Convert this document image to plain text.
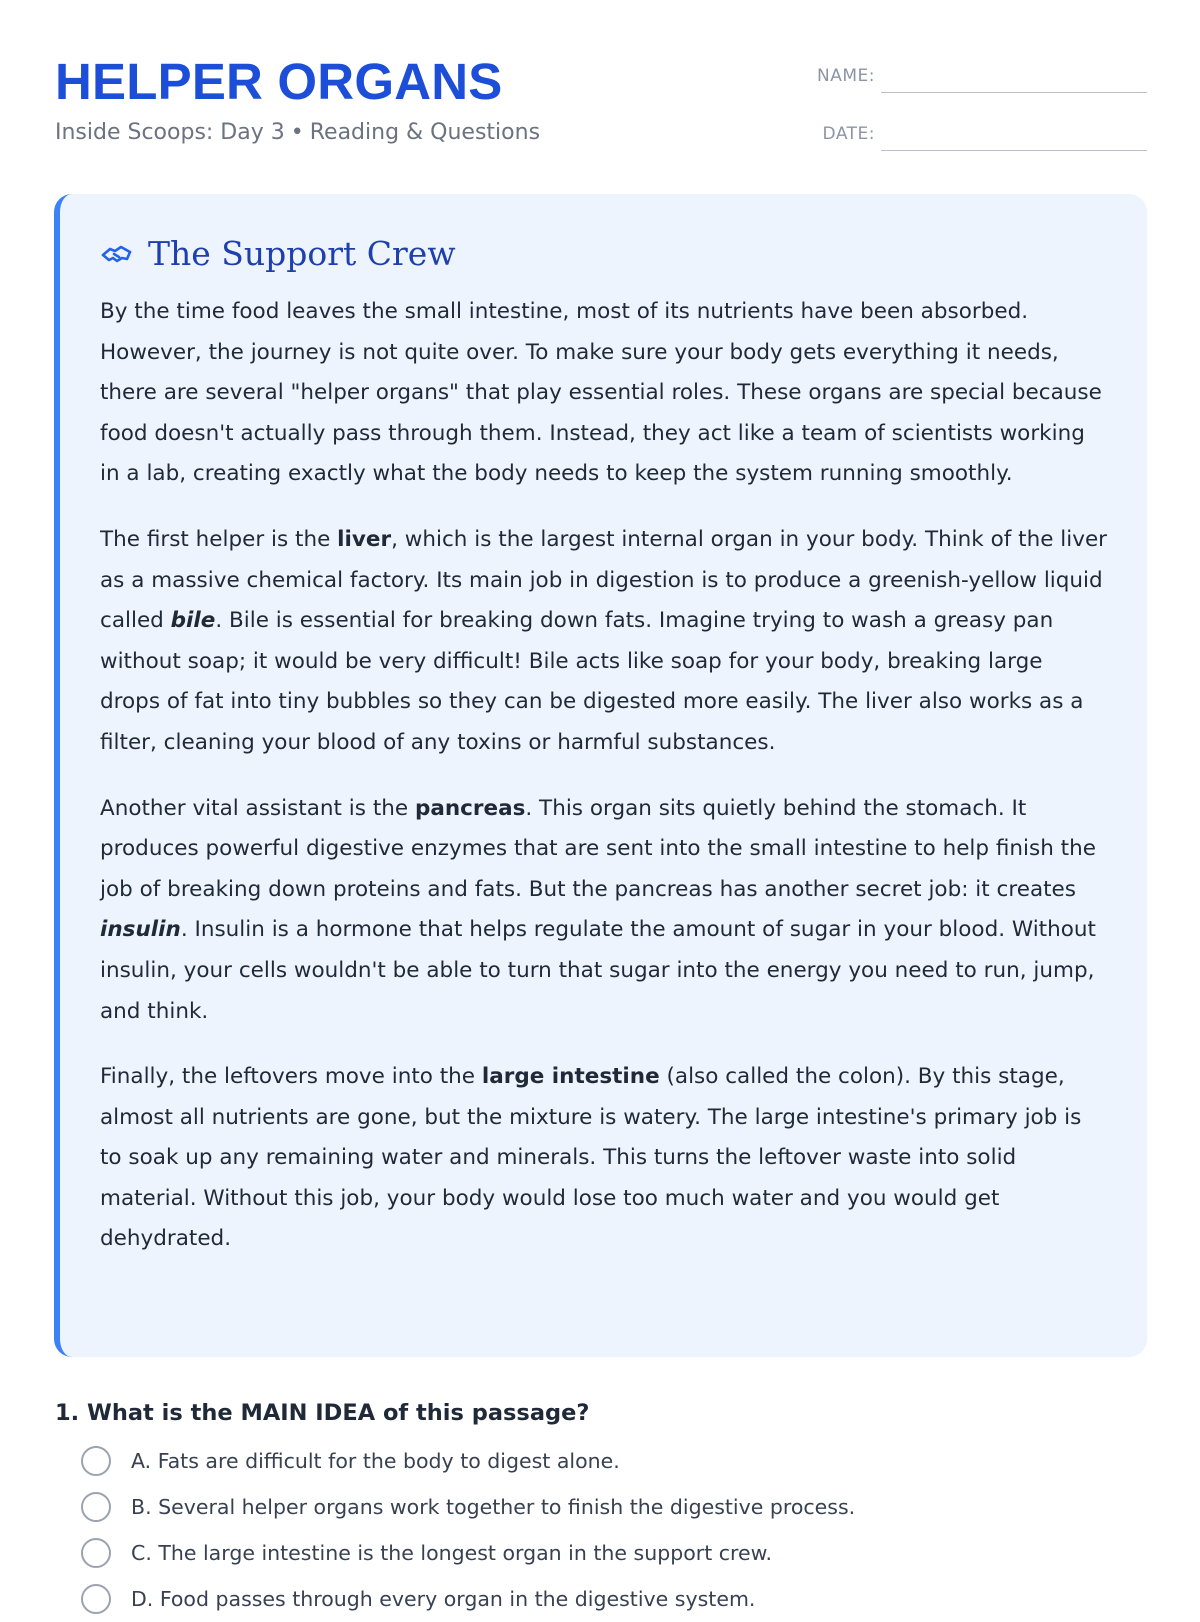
HELPER ORGANS
Inside Scoops: Day 3 • Reading & Questions
NAME:
DATE:
The Support Crew

By the time food leaves the small intestine, most of its nutrients have been absorbed. However, the journey is not quite over. To make sure your body gets everything it needs, there are several "helper organs" that play essential roles. These organs are special because food doesn't actually pass through them. Instead, they act like a team of scientists working in a lab, creating exactly what the body needs to keep the system running smoothly.

The first helper is the liver, which is the largest internal organ in your body. Think of the liver as a massive chemical factory. Its main job in digestion is to produce a greenish-yellow liquid called bile. Bile is essential for breaking down fats. Imagine trying to wash a greasy pan without soap; it would be very difficult! Bile acts like soap for your body, breaking large drops of fat into tiny bubbles so they can be digested more easily. The liver also works as a filter, cleaning your blood of any toxins or harmful substances.

Another vital assistant is the pancreas. This organ sits quietly behind the stomach. It produces powerful digestive enzymes that are sent into the small intestine to help finish the job of breaking down proteins and fats. But the pancreas has another secret job: it creates insulin. Insulin is a hormone that helps regulate the amount of sugar in your blood. Without insulin, your cells wouldn't be able to turn that sugar into the energy you need to run, jump, and think.

Finally, the leftovers move into the large intestine (also called the colon). By this stage, almost all nutrients are gone, but the mixture is watery. The large intestine's primary job is to soak up any remaining water and minerals. This turns the leftover waste into solid material. Without this job, your body would lose too much water and you would get dehydrated.

1. What is the MAIN IDEA of this passage?

A. Fats are difficult for the body to digest alone.
B. Several helper organs work together to finish the digestive process.
C. The large intestine is the longest organ in the support crew.
D. Food passes through every organ in the digestive system.
